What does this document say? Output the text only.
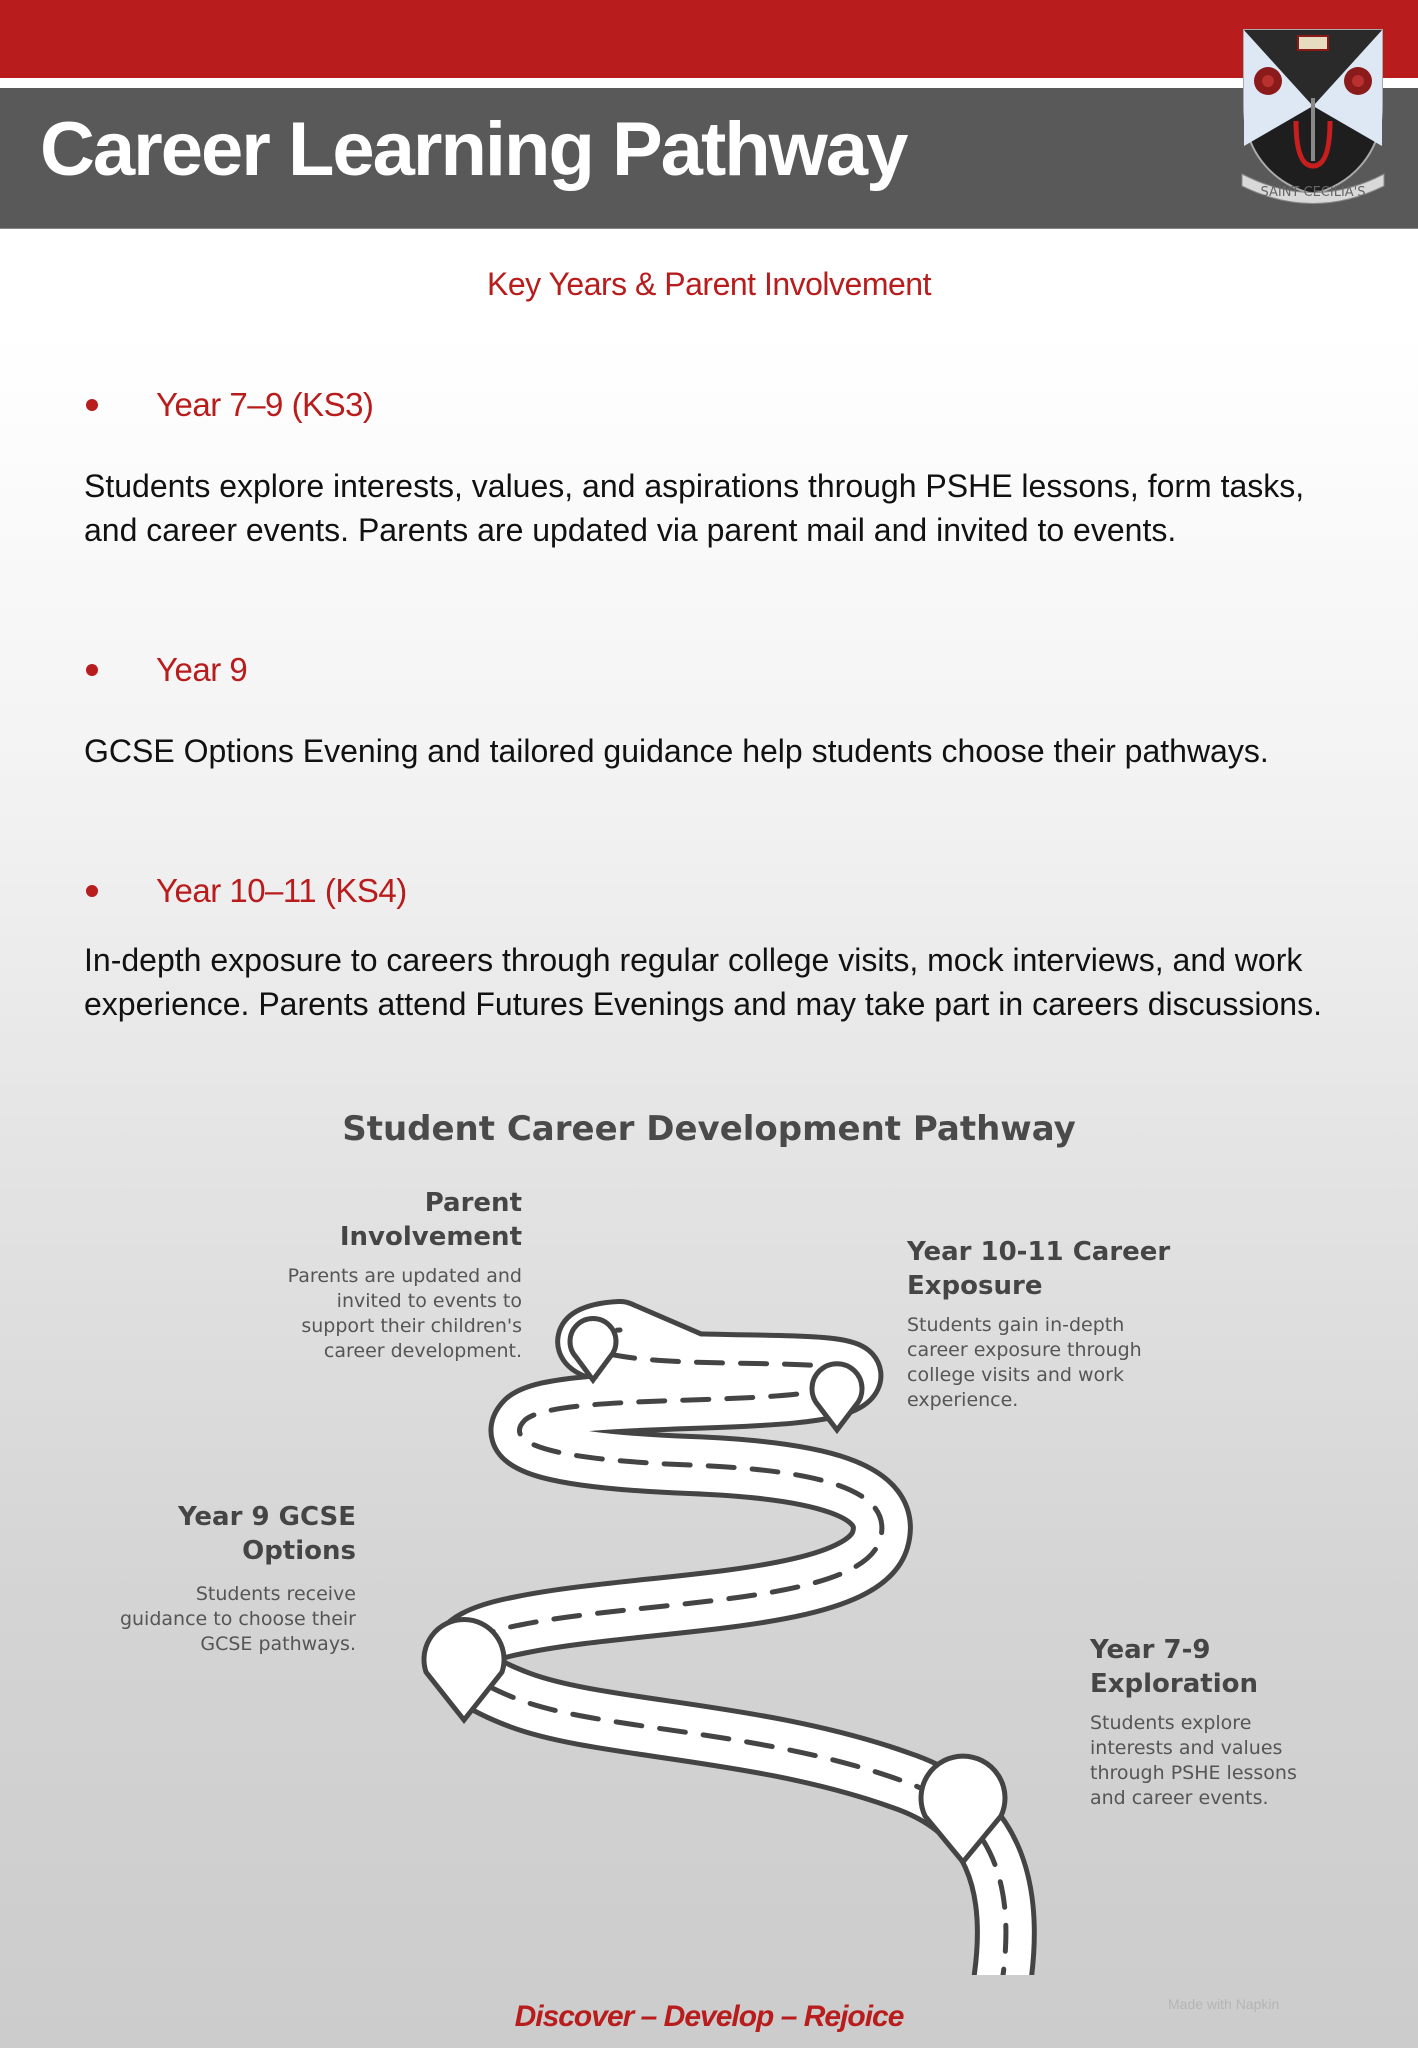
Career Learning Pathway
SAINT CECILIA'S
Key Years & Parent Involvement
Year 7–9 (KS3)
Students explore interests, values, and aspirations through PSHE lessons, form tasks, and career events. Parents are updated via parent mail and invited to events.
Year 9
GCSE Options Evening and tailored guidance help students choose their pathways.
Year 10–11 (KS4)
In-depth exposure to careers through regular college visits, mock interviews, and work experience. Parents attend Futures Evenings and may take part in careers discussions.
Student Career Development Pathway
Parent
Involvement
Parents are updated and
invited to events to
support their children's
career development.
Year 10-11 Career
Exposure
Students gain in-depth
career exposure through
college visits and work
experience.
Year 9 GCSE
Options
Students receive
guidance to choose their
GCSE pathways.	Year 7-9
Exploration
Students explore
interests and values
through PSHE lessons
and career events.
Discover – Develop – Rejoice	Made with Napkin
